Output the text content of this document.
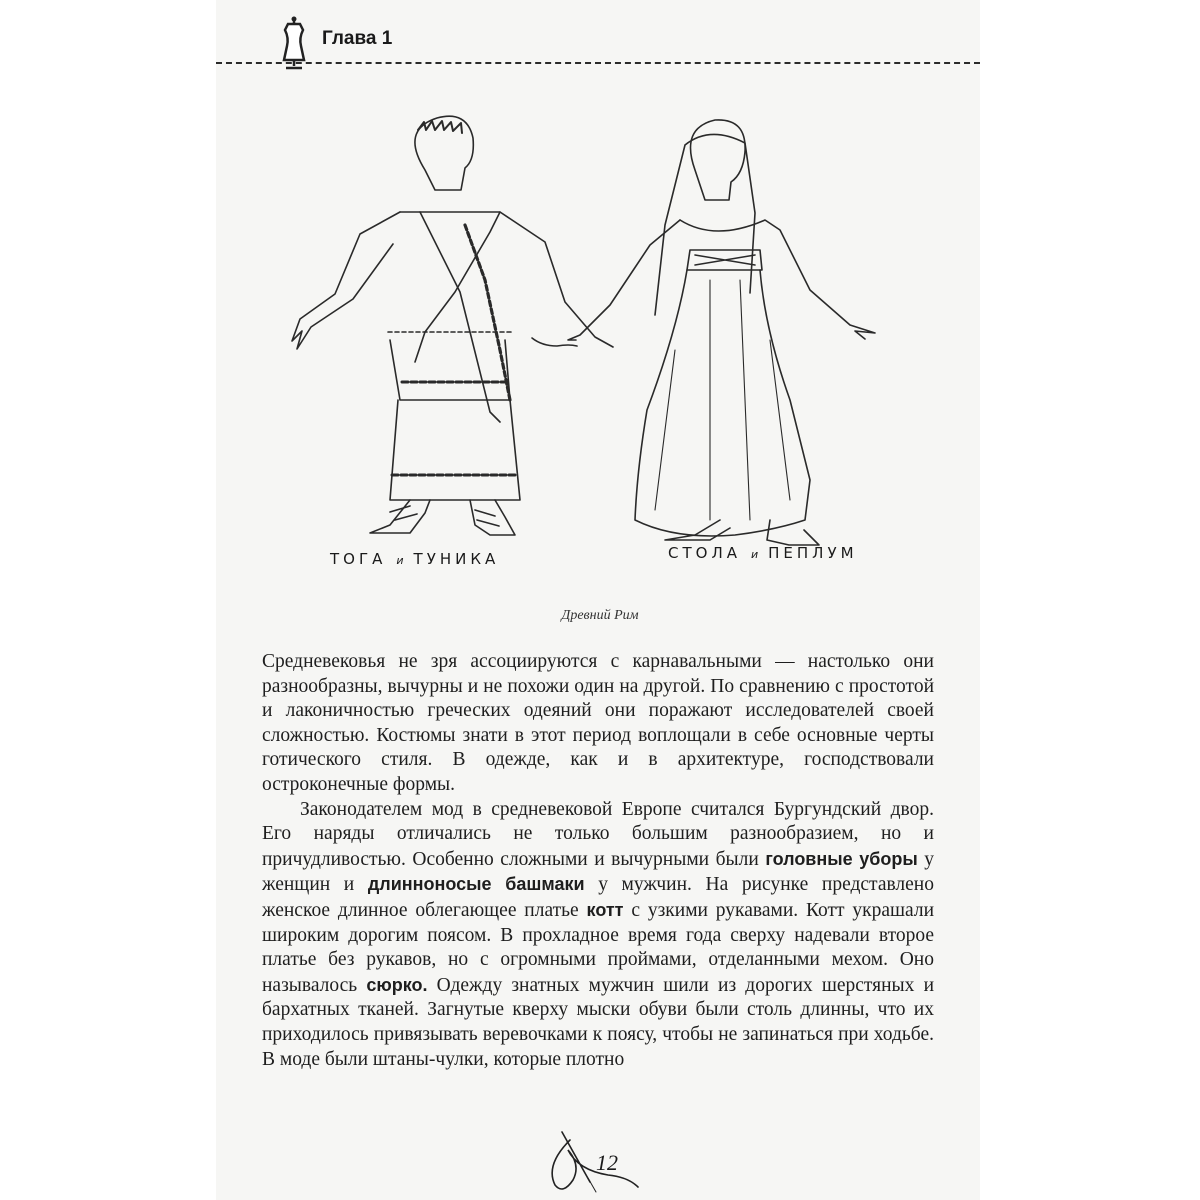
Глава 1
ТОГА и ТУНИКА	СТОЛА и ПЕПЛУМ
Древний Рим

Средневековья не зря ассоциируются с карнавальными — настолько они разнообразны, вычурны и не похожи один на другой. По сравнению с простотой и лаконичностью греческих одеяний они поражают исследователей своей сложностью. Костюмы знати в этот период воплощали в себе основные черты готического стиля. В одежде, как и в архитектуре, господствовали остроконечные формы.

Законодателем мод в средневековой Европе считался Бургундский двор. Его наряды отличались не только большим разнообразием, но и причудливостью. Особенно сложными и вычурными были головные уборы у женщин и длинноносые башмаки у мужчин. На рисунке представлено женское длинное облегающее платье котт с узкими рукавами. Котт украшали широким дорогим поясом. В прохладное время года сверху надевали второе платье без рукавов, но с огромными проймами, отделанными мехом. Оно называлось сюрко. Одежду знатных мужчин шили из дорогих шерстяных и бархатных тканей. Загнутые кверху мыски обуви были столь длинны, что их приходилось привязывать веревочками к поясу, чтобы не запинаться при ходьбе. В моде были штаны-чулки, которые плотно

12
